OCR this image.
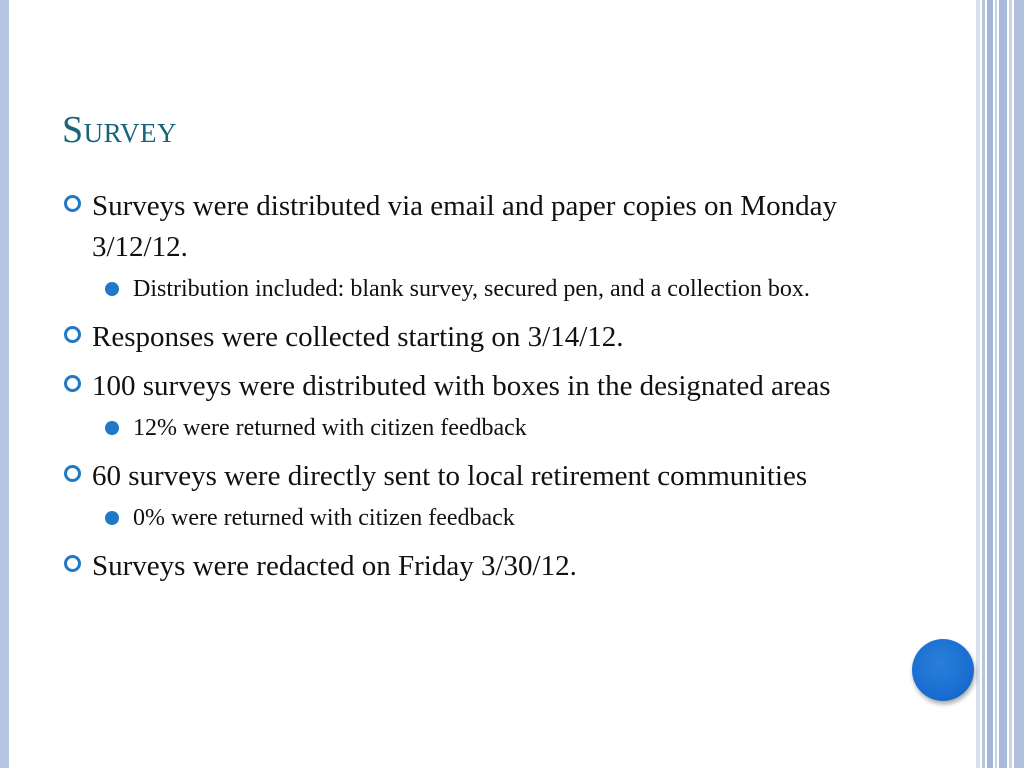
Survey
Surveys were distributed via email and paper copies on Monday 3/12/12.
Distribution included: blank survey, secured pen, and a collection box.
Responses were collected starting on 3/14/12.
100 surveys were distributed with boxes in the designated areas
12% were returned with citizen feedback
60 surveys were directly sent to local retirement communities
0% were returned with citizen feedback
Surveys were redacted on Friday 3/30/12.
